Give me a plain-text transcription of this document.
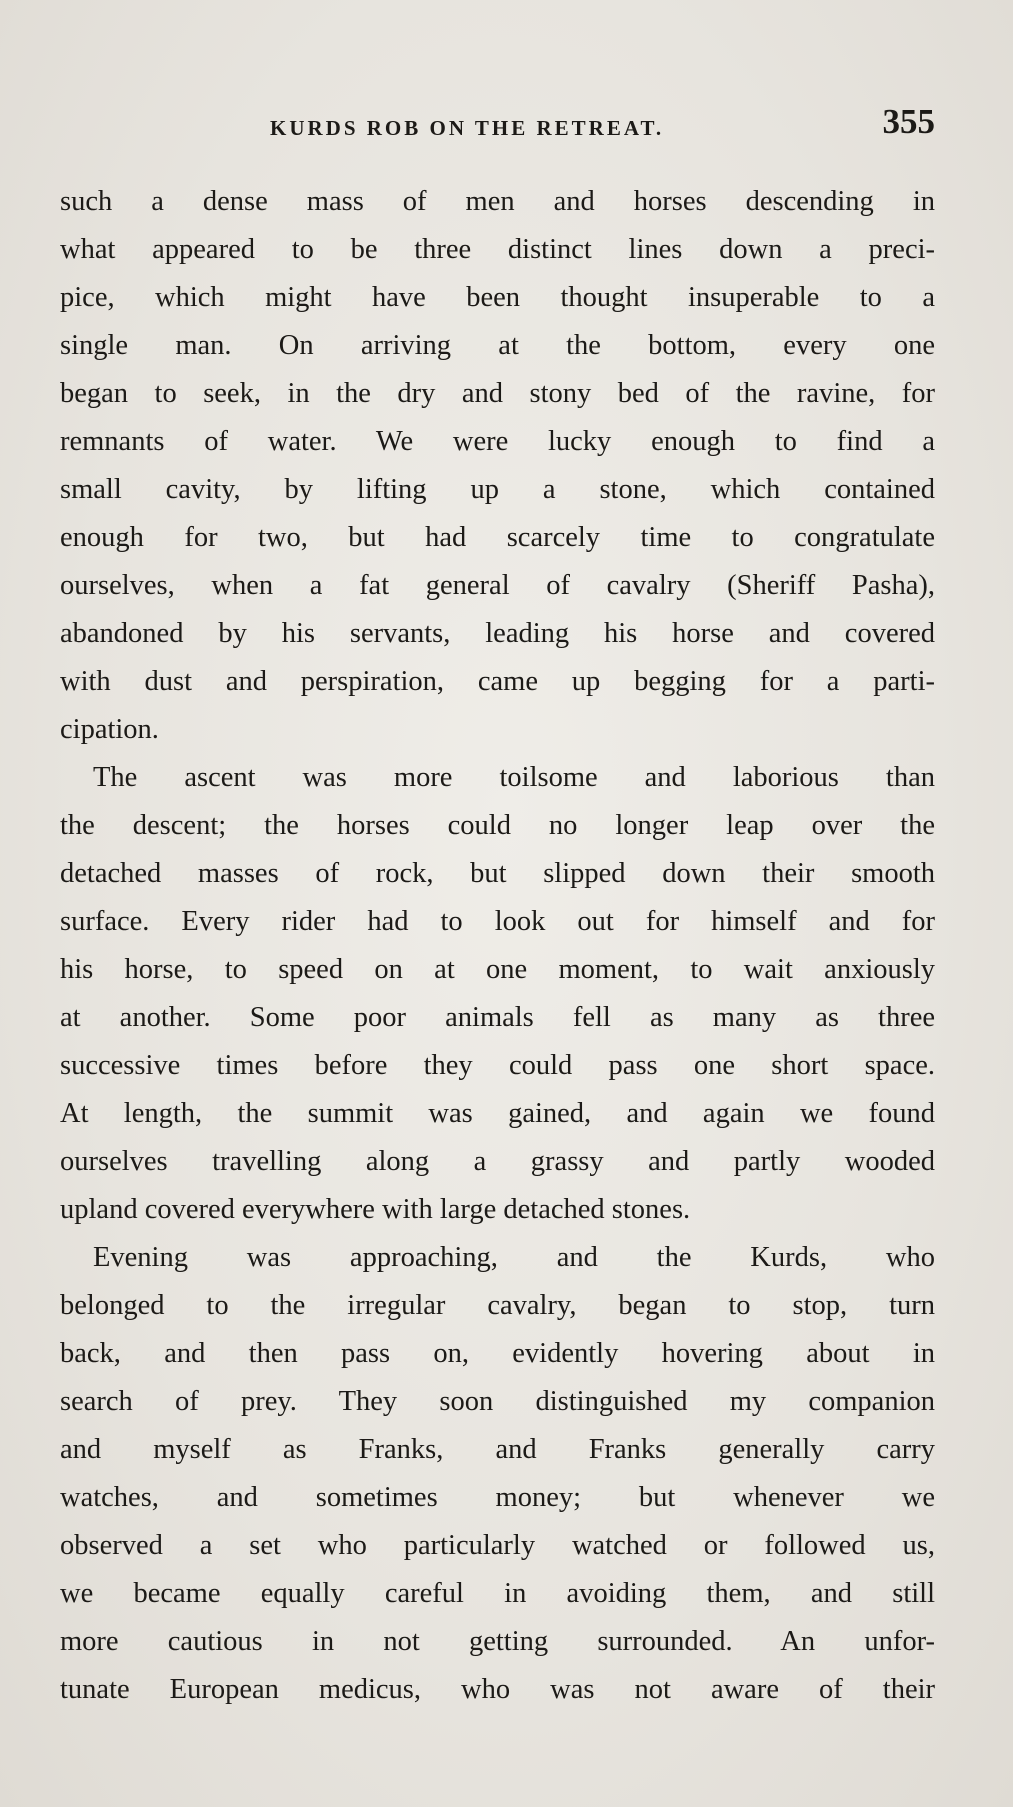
KURDS ROB ON THE RETREAT.	355
such a dense mass of men and horses descending in
what appeared to be three distinct lines down a preci-
pice, which might have been thought insuperable to a
single man. On arriving at the bottom, every one
began to seek, in the dry and stony bed of the ravine, for
remnants of water. We were lucky enough to find a
small cavity, by lifting up a stone, which contained
enough for two, but had scarcely time to congratulate
ourselves, when a fat general of cavalry (Sheriff Pasha),
abandoned by his servants, leading his horse and covered
with dust and perspiration, came up begging for a parti-
cipation.
The ascent was more toilsome and laborious than
the descent; the horses could no longer leap over the
detached masses of rock, but slipped down their smooth
surface. Every rider had to look out for himself and for
his horse, to speed on at one moment, to wait anxiously
at another. Some poor animals fell as many as three
successive times before they could pass one short space.
At length, the summit was gained, and again we found
ourselves travelling along a grassy and partly wooded
upland covered everywhere with large detached stones.
Evening was approaching, and the Kurds, who
belonged to the irregular cavalry, began to stop, turn
back, and then pass on, evidently hovering about in
search of prey. They soon distinguished my companion
and myself as Franks, and Franks generally carry
watches, and sometimes money; but whenever we
observed a set who particularly watched or followed us,
we became equally careful in avoiding them, and still
more cautious in not getting surrounded. An unfor-
tunate European medicus, who was not aware of their
